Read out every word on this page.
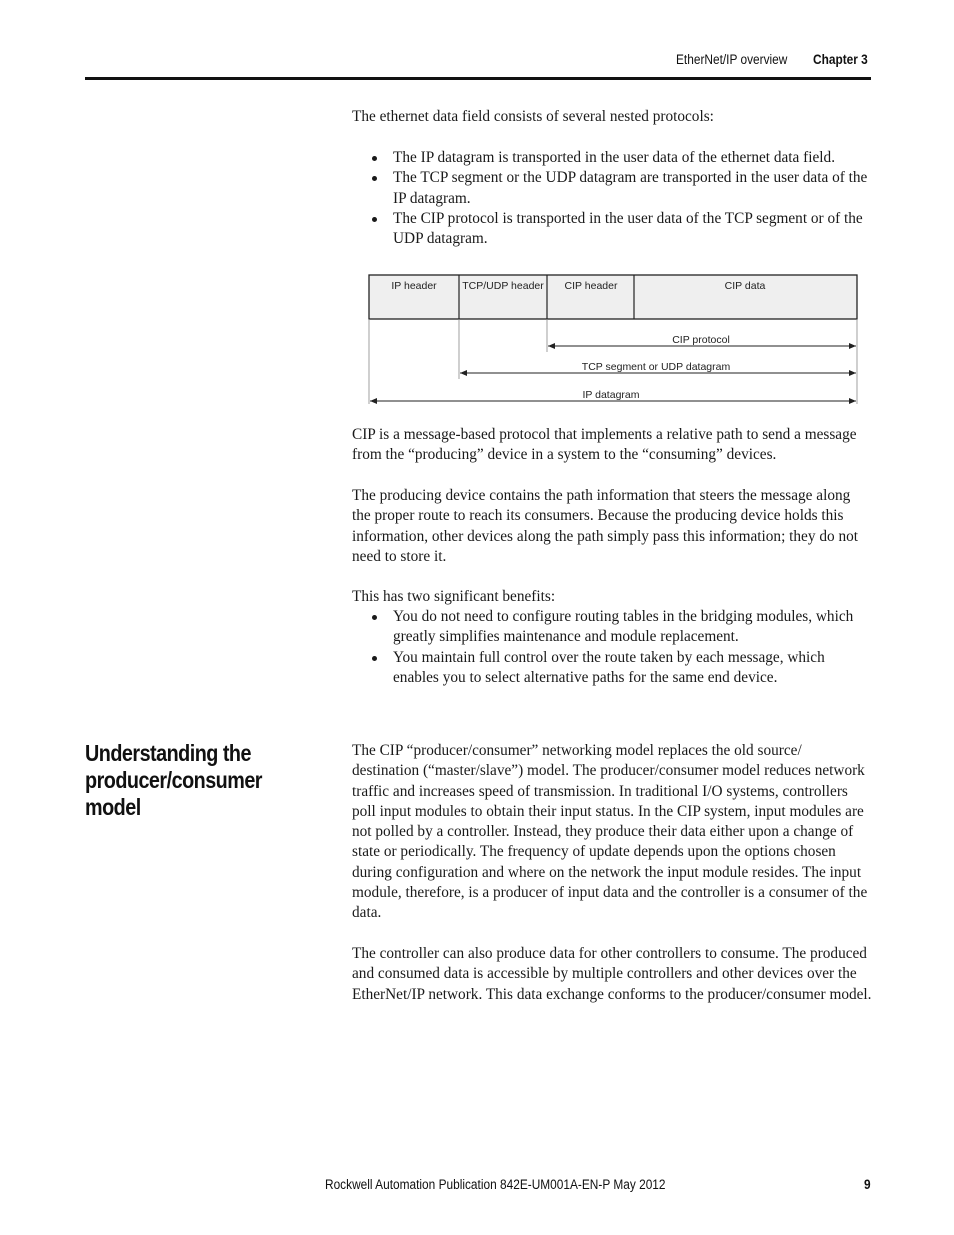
EtherNet/IP overview Chapter 3

The ethernet data field consists of several nested protocols:

The IP datagram is transported in the user data of the ethernet data field.
The TCP segment or the UDP datagram are transported in the user data of the IP datagram.
The CIP protocol is transported in the user data of the TCP segment or of the UDP datagram.
IP header TCP/UDP header CIP header	CIP data
CIP protocol
TCP segment or UDP datagram
IP datagram

CIP is a message-based protocol that implements a relative path to send a message from the “producing” device in a system to the “consuming” devices.

The producing device contains the path information that steers the message along the proper route to reach its consumers. Because the producing device holds this information, other devices along the path simply pass this information; they do not need to store it.

This has two significant benefits:

You do not need to configure routing tables in the bridging modules, which greatly simplifies maintenance and module replacement.
You maintain full control over the route taken by each message, which enables you to select alternative paths for the same end device.
Understanding the producer/consumer model

The CIP “producer/consumer” networking model replaces the old source/ destination (“master/slave”) model. The producer/consumer model reduces network traffic and increases speed of transmission. In traditional I/O systems, controllers poll input modules to obtain their input status. In the CIP system, input modules are not polled by a controller. Instead, they produce their data either upon a change of state or periodically. The frequency of update depends upon the options chosen during configuration and where on the network the input module resides. The input module, therefore, is a producer of input data and the controller is a consumer of the data.

The controller can also produce data for other controllers to consume. The produced and consumed data is accessible by multiple controllers and other devices over the EtherNet/IP network. This data exchange conforms to the producer/consumer model.

Rockwell Automation Publication 842E-UM001A-EN-P May 2012	9
